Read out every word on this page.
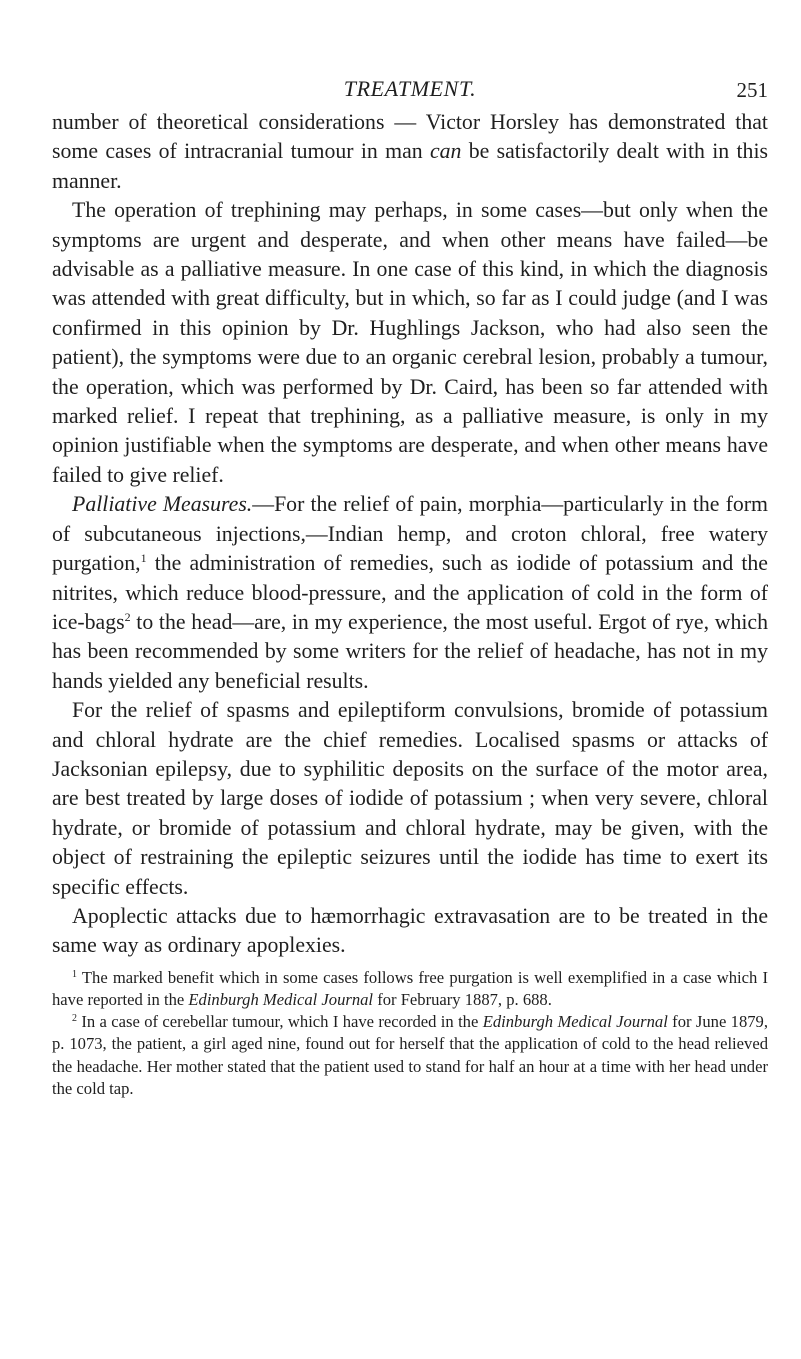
TREATMENT.	251

number of theoretical considerations — Victor Horsley has demonstrated that some cases of intracranial tumour in man can be satisfactorily dealt with in this manner.

The operation of trephining may perhaps, in some cases—but only when the symptoms are urgent and desperate, and when other means have failed—be advisable as a palliative measure. In one case of this kind, in which the diagnosis was attended with great difficulty, but in which, so far as I could judge (and I was confirmed in this opinion by Dr. Hughlings Jackson, who had also seen the patient), the symptoms were due to an organic cerebral lesion, probably a tumour, the operation, which was performed by Dr. Caird, has been so far attended with marked relief. I repeat that trephining, as a palliative measure, is only in my opinion justifiable when the symptoms are desperate, and when other means have failed to give relief.

Palliative Measures.—For the relief of pain, morphia—particularly in the form of subcutaneous injections,—Indian hemp, and croton chloral, free watery purgation,$^1$ the administration of remedies, such as iodide of potassium and the nitrites, which reduce blood-pressure, and the application of cold in the form of ice-bags$^2$ to the head—are, in my experience, the most useful. Ergot of rye, which has been recommended by some writers for the relief of headache, has not in my hands yielded any beneficial results.

For the relief of spasms and epileptiform convulsions, bromide of potassium and chloral hydrate are the chief remedies. Localised spasms or attacks of Jacksonian epilepsy, due to syphilitic deposits on the surface of the motor area, are best treated by large doses of iodide of potassium ; when very severe, chloral hydrate, or bromide of potassium and chloral hydrate, may be given, with the object of restraining the epileptic seizures until the iodide has time to exert its specific effects.

Apoplectic attacks due to hæmorrhagic extravasation are to be treated in the same way as ordinary apoplexies.

$^1$ The marked benefit which in some cases follows free purgation is well exemplified in a case which I have reported in the Edinburgh Medical Journal for February 1887, p. 688.

$^2$ In a case of cerebellar tumour, which I have recorded in the Edinburgh Medical Journal for June 1879, p. 1073, the patient, a girl aged nine, found out for herself that the application of cold to the head relieved the headache. Her mother stated that the patient used to stand for half an hour at a time with her head under the cold tap.
